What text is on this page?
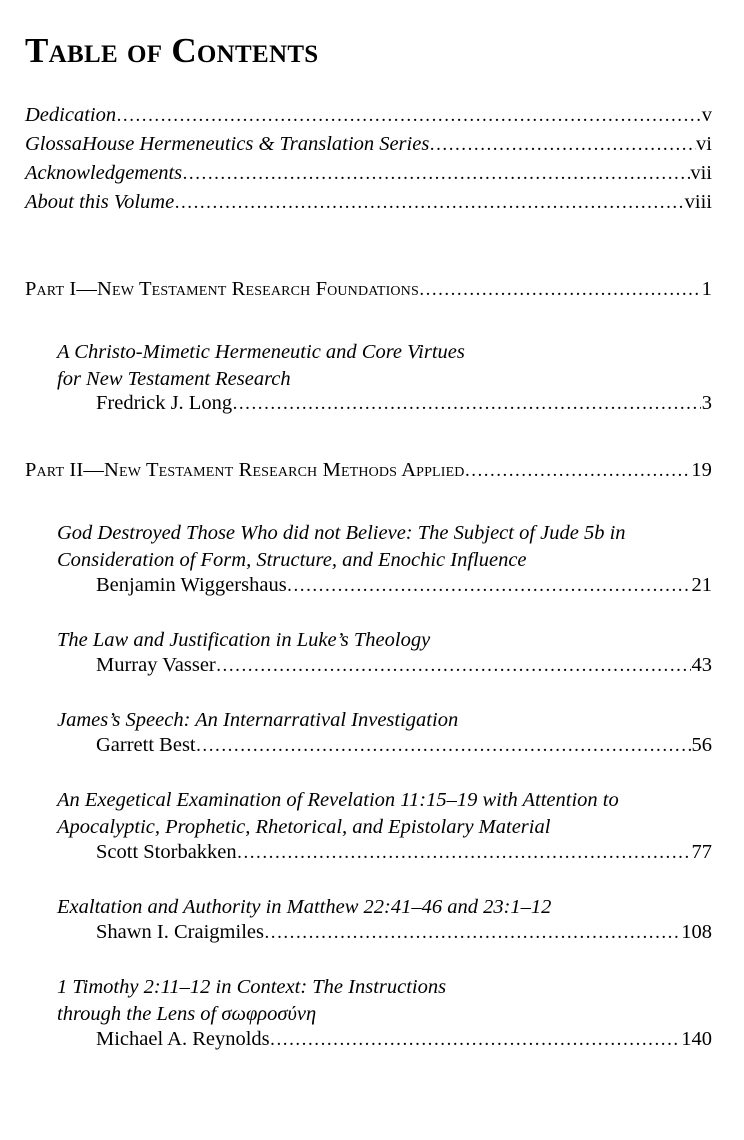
Table of Contents
Dedication .....	v
GlossaHouse Hermeneutics & Translation Series .....	vi
Acknowledgements .....	vii
About this Volume .....	viii
Part I—New Testament Research Foundations .....	1
A Christo-Mimetic Hermeneutic and Core Virtues
for New Testament Research
Fredrick J. Long .....	3
Part II—New Testament Research Methods Applied .....	19
God Destroyed Those Who did not Believe: The Subject of Jude 5b in
Consideration of Form, Structure, and Enochic Influence
Benjamin Wiggershaus .....	21
The Law and Justification in Luke’s Theology
Murray Vasser .....	43
James’s Speech: An Internarratival Investigation
Garrett Best .....	56
An Exegetical Examination of Revelation 11:15–19 with Attention to
Apocalyptic, Prophetic, Rhetorical, and Epistolary Material
Scott Storbakken .....	77
Exaltation and Authority in Matthew 22:41–46 and 23:1–12
Shawn I. Craigmiles .....	108
1 Timothy 2:11–12 in Context: The Instructions
through the Lens of σωφροσύνη
Michael A. Reynolds .....	140
